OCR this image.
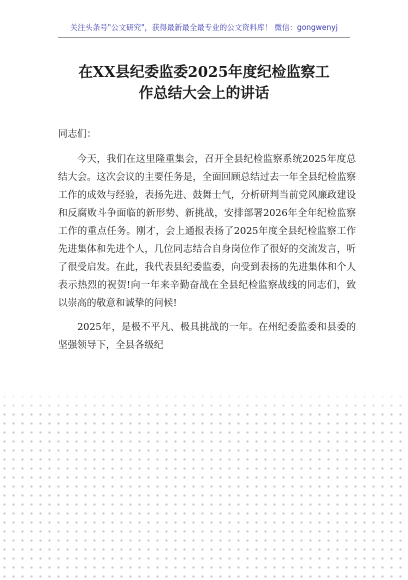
关注头条号"公文研究"，获得最新最全最专业的公文资料库！ 微信：gongwenyj
在XX县纪委监委2025年度纪检监察工
作总结大会上的讲话

同志们：

今天，我们在这里隆重集会，召开全县纪检监察系统2025年度总结大会。这次会议的主要任务是，全面回顾总结过去一年全县纪检监察工作的成效与经验，表扬先进、鼓舞士气，分析研判当前党风廉政建设和反腐败斗争面临的新形势、新挑战，安排部署2026年全年纪检监察工作的重点任务。刚才，会上通报表扬了2025年度全县纪检监察工作先进集体和先进个人，几位同志结合自身岗位作了很好的交流发言，听了很受启发。在此，我代表县纪委监委，向受到表扬的先进集体和个人表示热烈的祝贺!向一年来辛勤奋战在全县纪检监察战线的同志们，致以崇高的敬意和诚挚的问候!

2025年，是极不平凡、极具挑战的一年。在州纪委监委和县委的坚强领导下，全县各级纪
